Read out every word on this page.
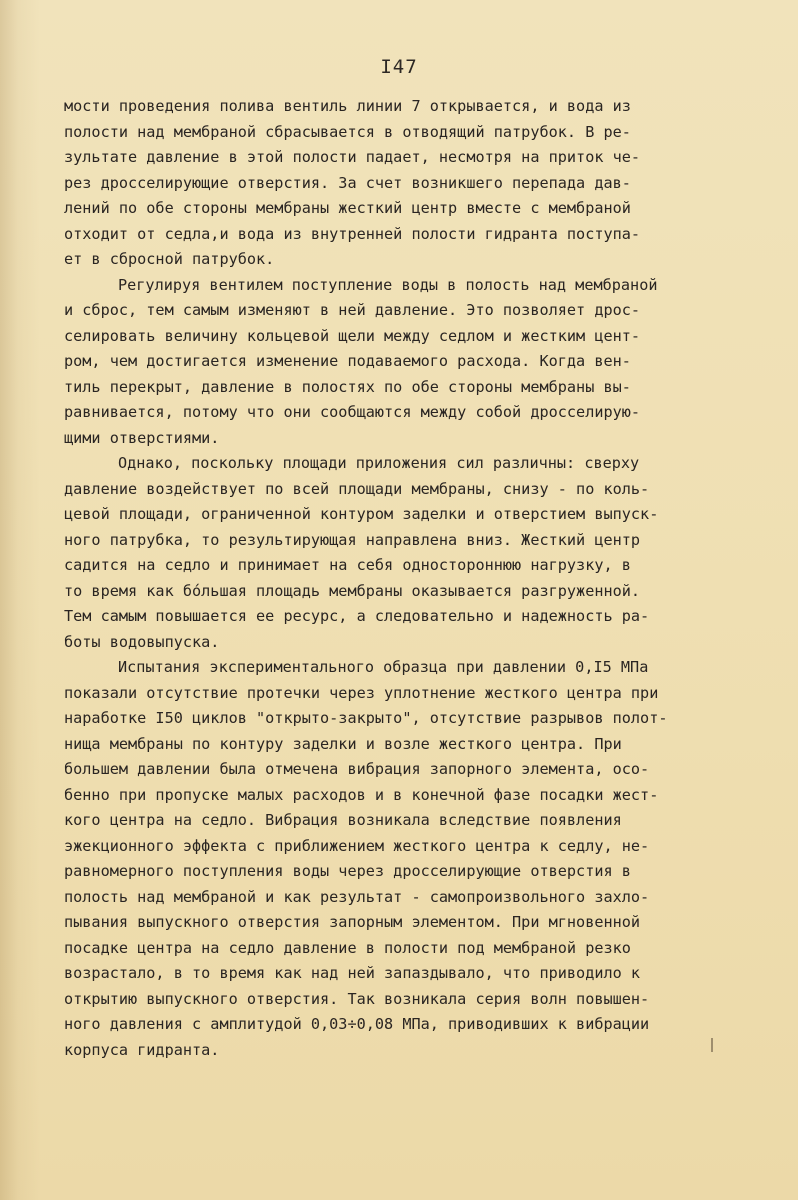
I47
мости проведения полива вентиль линии 7 открывается, и вода из
полости над мембраной сбрасывается в отводящий патрубок. В ре-
зультате давление в этой полости падает, несмотря на приток че-
рез дросселирующие отверстия. За счет возникшего перепада дав-
лений по обе стороны мембраны жесткий центр вместе с мембраной
отходит от седла,и вода из внутренней полости гидранта поступа-
ет в сбросной патрубок.
Регулируя вентилем поступление воды в полость над мембраной
и сброс, тем самым изменяют в ней давление. Это позволяет дрос-
селировать величину кольцевой щели между седлом и жестким цент-
ром, чем достигается изменение подаваемого расхода. Когда вен-
тиль перекрыт, давление в полостях по обе стороны мембраны вы-
равнивается, потому что они сообщаются между собой дросселирую-
щими отверстиями.
Однако, поскольку площади приложения сил различны: сверху
давление воздействует по всей площади мембраны, снизу - по коль-
цевой площади, ограниченной контуром заделки и отверстием выпуск-
ного патрубка, то результирующая направлена вниз. Жесткий центр
садится на седло и принимает на себя одностороннюю нагрузку, в
то время как бо́льшая площадь мембраны оказывается разгруженной.
Тем самым повышается ее ресурс, а следовательно и надежность ра-
боты водовыпуска.
Испытания экспериментального образца при давлении 0,I5 МПа
показали отсутствие протечки через уплотнение жесткого центра при
наработке I50 циклов "открыто-закрыто", отсутствие разрывов полот-
нища мембраны по контуру заделки и возле жесткого центра. При
большем давлении была отмечена вибрация запорного элемента, осо-
бенно при пропуске малых расходов и в конечной фазе посадки жест-
кого центра на седло. Вибрация возникала вследствие появления
эжекционного эффекта с приближением жесткого центра к седлу, не-
равномерного поступления воды через дросселирующие отверстия в
полость над мембраной и как результат - самопроизвольного захло-
пывания выпускного отверстия запорным элементом. При мгновенной
посадке центра на седло давление в полости под мембраной резко
возрастало, в то время как над ней запаздывало, что приводило к
открытию выпускного отверстия. Так возникала серия волн повышен-
ного давления с амплитудой 0,03÷0,08 МПа, приводивших к вибрации
корпуса гидранта.
